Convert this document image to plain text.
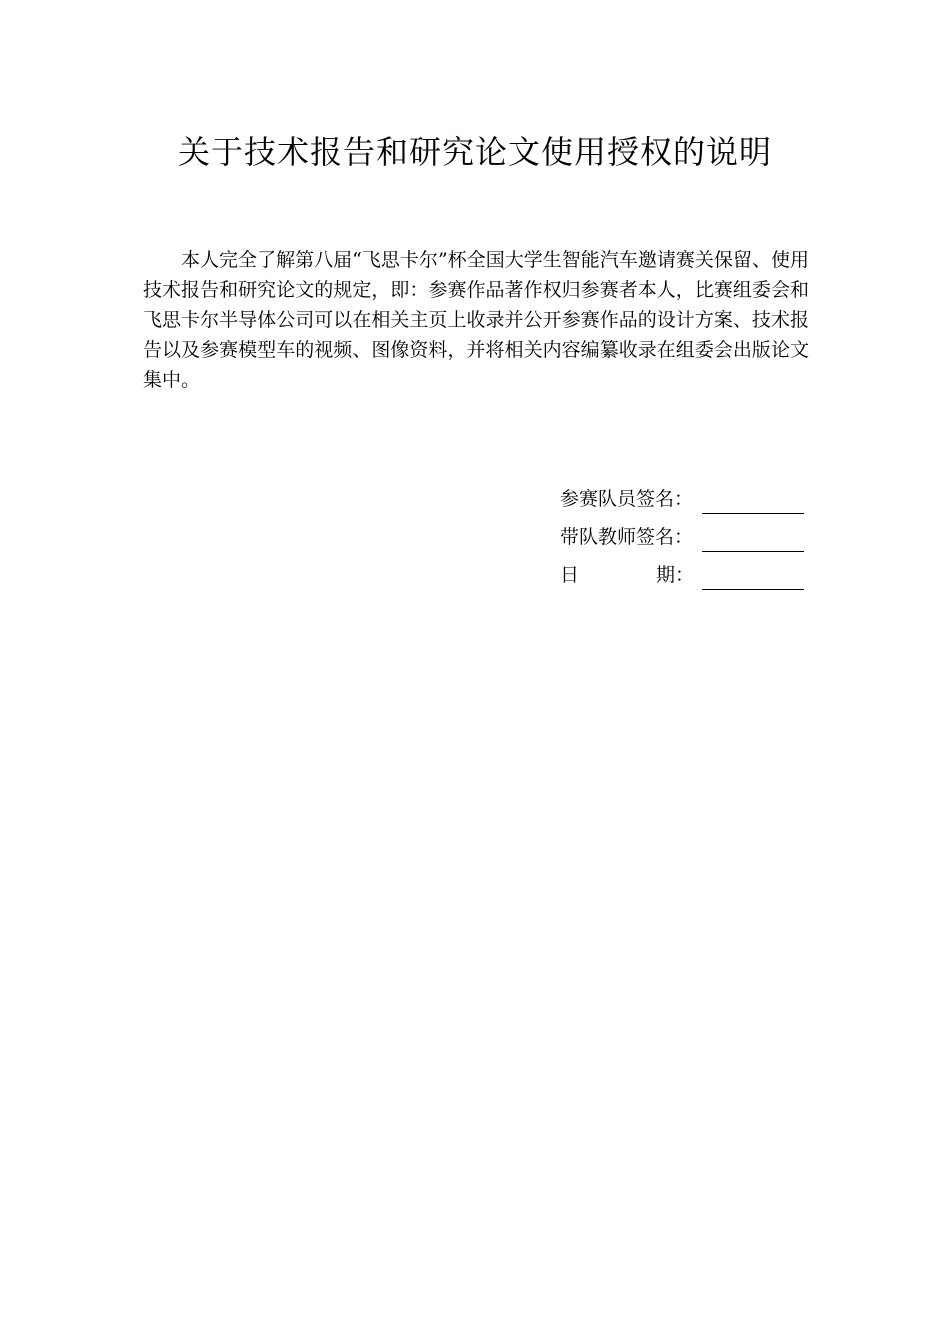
关于技术报告和研究论文使用授权的说明

本人完全了解第八届“飞思卡尔”杯全国大学生智能汽车邀请赛关保留、使用技术报告和研究论文的规定，即：参赛作品著作权归参赛者本人，比赛组委会和飞思卡尔半导体公司可以在相关主页上收录并公开参赛作品的设计方案、技术报告以及参赛模型车的视频、图像资料，并将相关内容编纂收录在组委会出版论文集中。

参赛队员签名：
带队教师签名：
日	期：
